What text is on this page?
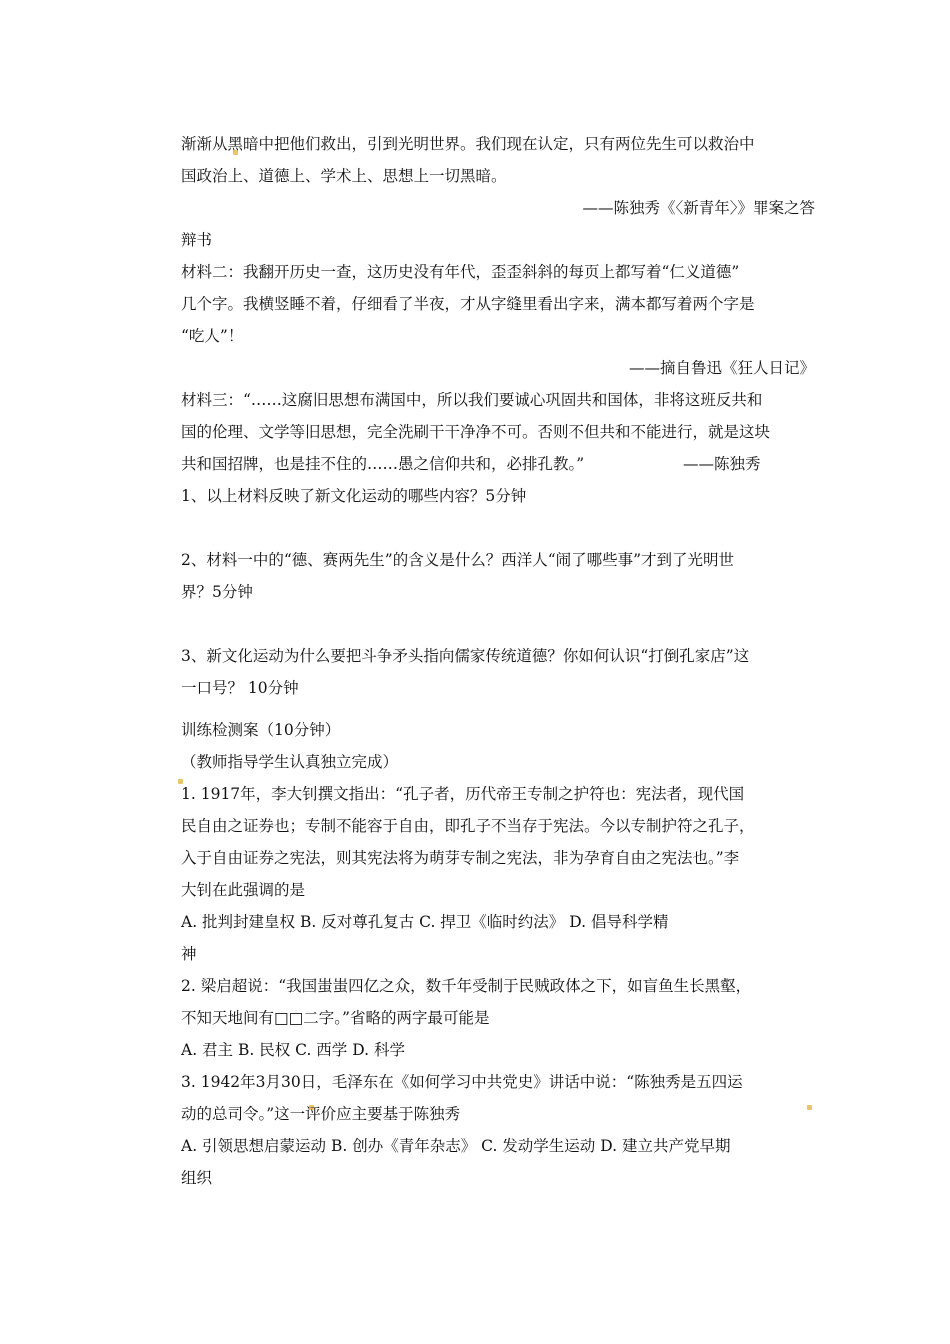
渐渐从黑暗中把他们救出，引到光明世界。我们现在认定，只有两位先生可以救治中
国政治上、道德上、学术上、思想上一切黑暗。
——陈独秀《〈新青年〉》罪案之答
辩书
材料二：我翻开历史一查，这历史没有年代，歪歪斜斜的每页上都写着“仁义道德”
几个字。我横竖睡不着，仔细看了半夜，才从字缝里看出字来，满本都写着两个字是
“吃人”！
——摘自鲁迅《狂人日记》
材料三：“……这腐旧思想布满国中，所以我们要诚心巩固共和国体，非将这班反共和
国的伦理、文学等旧思想，完全洗刷干干净净不可。否则不但共和不能进行，就是这块
共和国招牌，也是挂不住的……愚之信仰共和，必排孔教。”	——陈独秀
1、以上材料反映了新文化运动的哪些内容？5分钟
2、材料一中的“德、赛两先生”的含义是什么？西洋人“闹了哪些事”才到了光明世
界？5分钟
3、新文化运动为什么要把斗争矛头指向儒家传统道德？你如何认识“打倒孔家店”这
一口号？ 10分钟
训练检测案（10分钟）
（教师指导学生认真独立完成）
1. 1917年，李大钊撰文指出：“孔子者，历代帝王专制之护符也：宪法者，现代国
民自由之证券也；专制不能容于自由，即孔子不当存于宪法。今以专制护符之孔子，
入于自由证券之宪法，则其宪法将为萌芽专制之宪法，非为孕育自由之宪法也。”李
大钊在此强调的是
A. 批判封建皇权 B. 反对尊孔复古 C. 捍卫《临时约法》 D. 倡导科学精
神
2. 梁启超说：“我国蚩蚩四亿之众，数千年受制于民贼政体之下，如盲鱼生长黑壑，
不知天地间有□□二字。”省略的两字最可能是
A. 君主 B. 民权 C. 西学 D. 科学
3. 1942年3月30日，毛泽东在《如何学习中共党史》讲话中说：“陈独秀是五四运
动的总司令。”这一评价应主要基于陈独秀
A. 引领思想启蒙运动 B. 创办《青年杂志》 C. 发动学生运动 D. 建立共产党早期
组织
